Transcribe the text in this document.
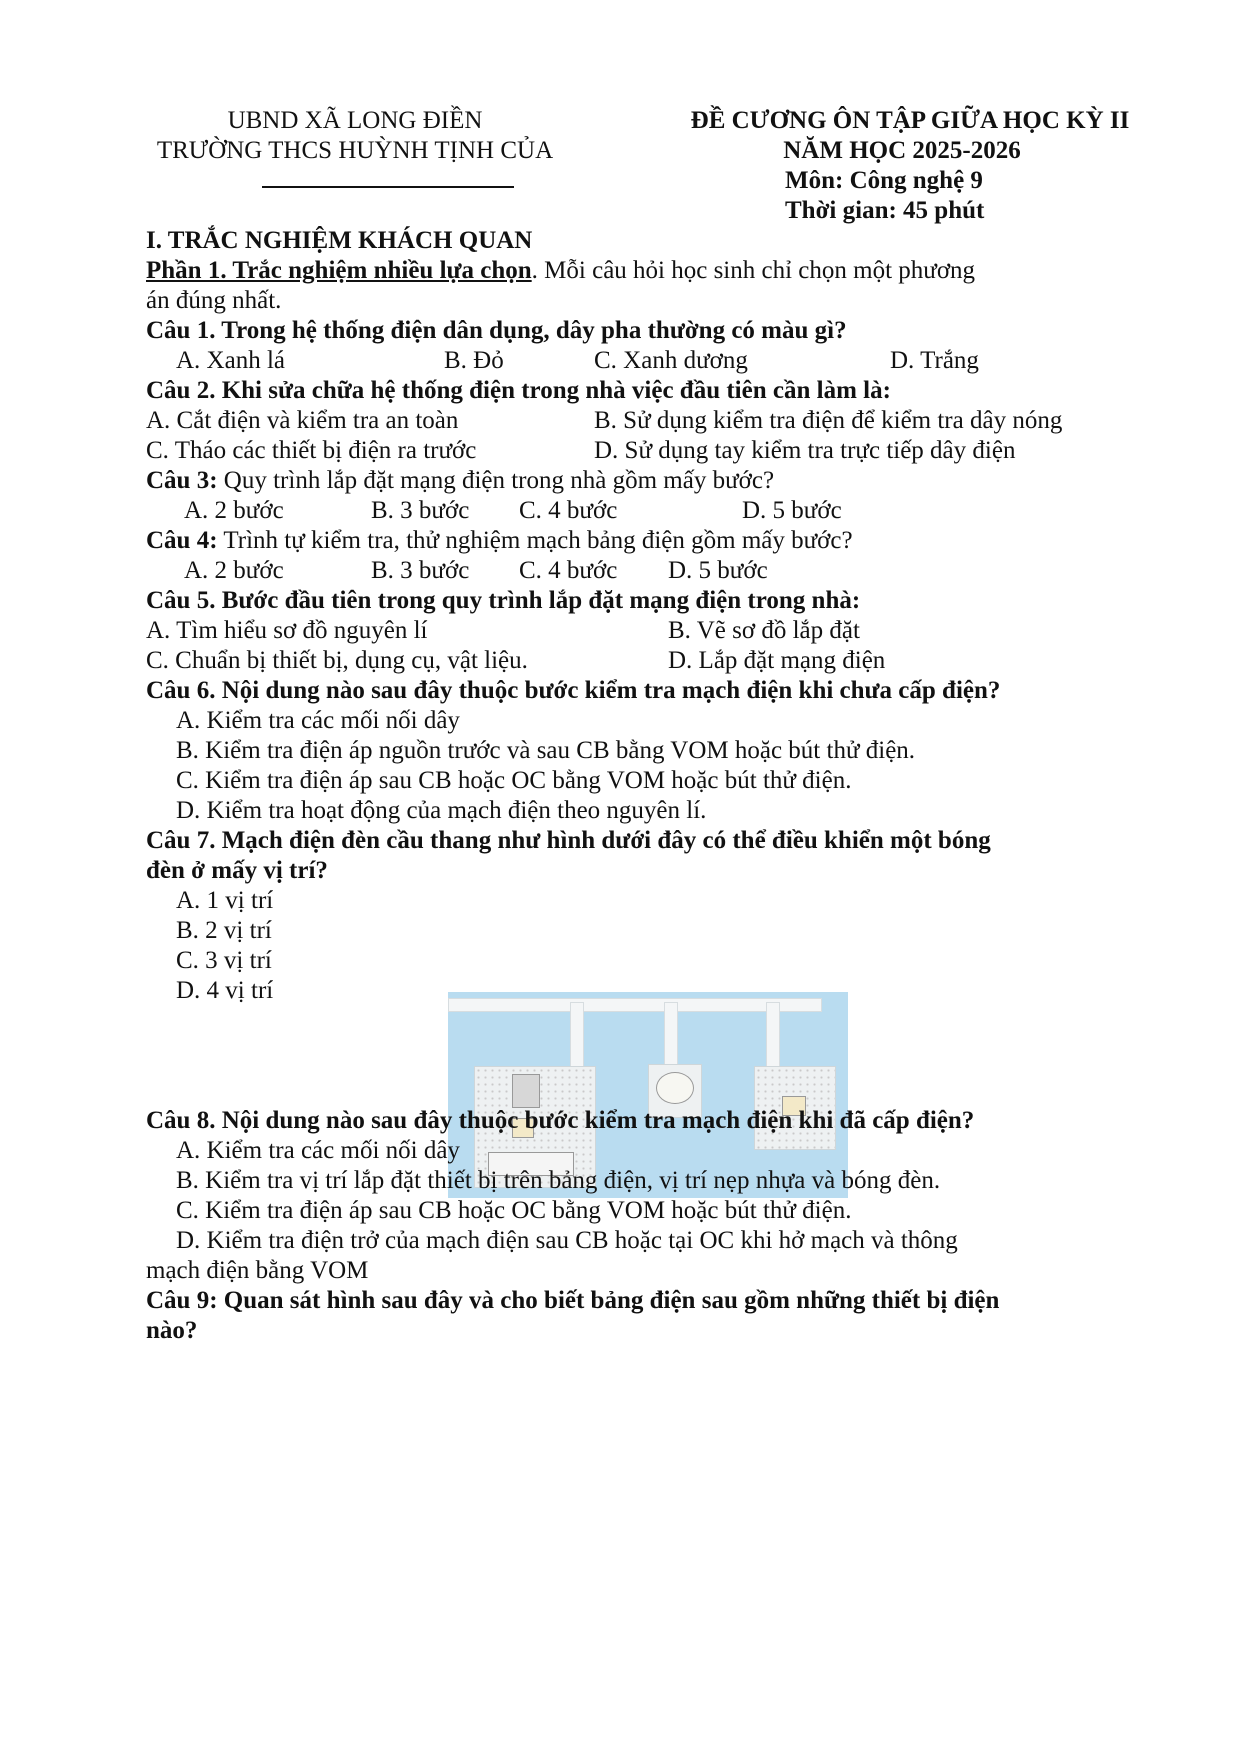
UBND XÃ LONG ĐIỀN
TRƯỜNG THCS HUỲNH TỊNH CỦA
ĐỀ CƯƠNG ÔN TẬP GIỮA HỌC KỲ II
NĂM HỌC 2025-2026
Môn: Công nghệ 9
Thời gian: 45 phút
I. TRẮC NGHIỆM KHÁCH QUAN
Phần 1. Trắc nghiệm nhiều lựa chọn. Mỗi câu hỏi học sinh chỉ chọn một phương
án đúng nhất.
Câu 1. Trong hệ thống điện dân dụng, dây pha thường có màu gì?
A. Xanh lá	B. Đỏ	C. Xanh dương	D. Trắng
Câu 2. Khi sửa chữa hệ thống điện trong nhà việc đầu tiên cần làm là:
A. Cắt điện và kiểm tra an toàn	B. Sử dụng kiểm tra điện để kiểm tra dây nóng
C. Tháo các thiết bị điện ra trước	D. Sử dụng tay kiểm tra trực tiếp dây điện
Câu 3: Quy trình lắp đặt mạng điện trong nhà gồm mấy bước?
A. 2 bước	B. 3 bước C. 4 bước	D. 5 bước
Câu 4: Trình tự kiểm tra, thử nghiệm mạch bảng điện gồm mấy bước?
A. 2 bước	B. 3 bước C. 4 bước D. 5 bước
Câu 5. Bước đầu tiên trong quy trình lắp đặt mạng điện trong nhà:
A. Tìm hiểu sơ đồ nguyên lí	B. Vẽ sơ đồ lắp đặt
C. Chuẩn bị thiết bị, dụng cụ, vật liệu.	D. Lắp đặt mạng điện
Câu 6. Nội dung nào sau đây thuộc bước kiểm tra mạch điện khi chưa cấp điện?
A. Kiểm tra các mối nối dây
B. Kiểm tra điện áp nguồn trước và sau CB bằng VOM hoặc bút thử điện.
C. Kiểm tra điện áp sau CB hoặc OC bằng VOM hoặc bút thử điện.
D. Kiểm tra hoạt động của mạch điện theo nguyên lí.
Câu 7. Mạch điện đèn cầu thang như hình dưới đây có thể điều khiển một bóng
đèn ở mấy vị trí?
A. 1 vị trí
B. 2 vị trí
C. 3 vị trí
D. 4 vị trí
Câu 8. Nội dung nào sau đây thuộc bước kiểm tra mạch điện khi đã cấp điện?
A. Kiểm tra các mối nối dây
B. Kiểm tra vị trí lắp đặt thiết bị trên bảng điện, vị trí nẹp nhựa và bóng đèn.
C. Kiểm tra điện áp sau CB hoặc OC bằng VOM hoặc bút thử điện.
D. Kiểm tra điện trở của mạch điện sau CB hoặc tại OC khi hở mạch và thông
mạch điện bằng VOM
Câu 9: Quan sát hình sau đây và cho biết bảng điện sau gồm những thiết bị điện
nào?
